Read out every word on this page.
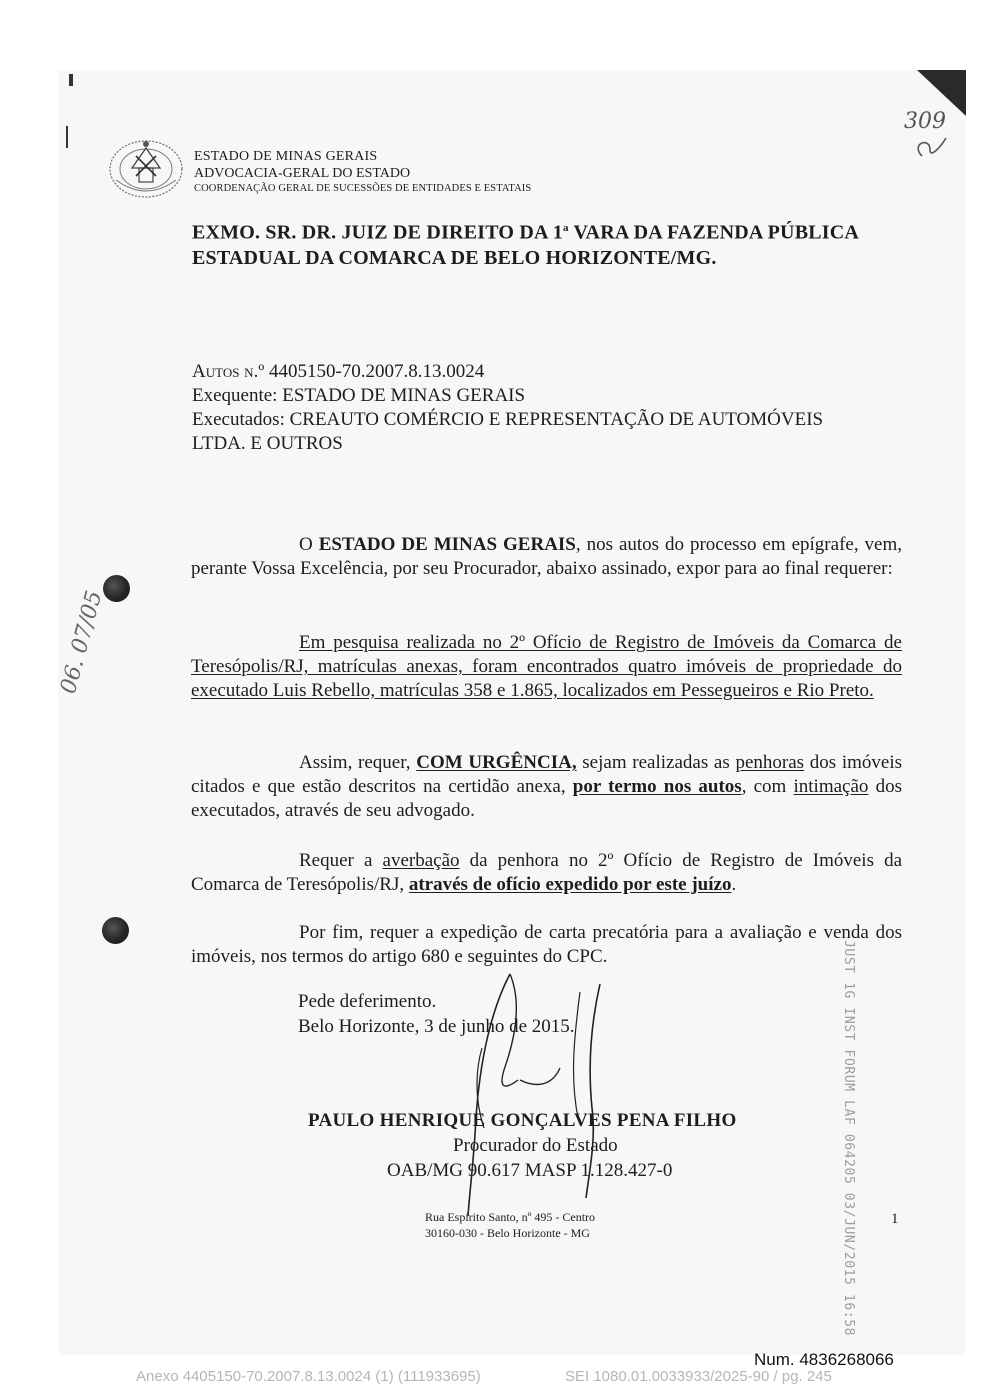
ESTADO DE MINAS GERAIS
ADVOCACIA-GERAL DO ESTADO
COORDENAÇÃO GERAL DE SUCESSÕES DE ENTIDADES E ESTATAIS
309
EXMO. SR. DR. JUIZ DE DIREITO DA 1$^a$ VARA DA FAZENDA PÚBLICA
ESTADUAL DA COMARCA DE BELO HORIZONTE/MG.
Autos n.º 4405150-70.2007.8.13.0024
Exequente: ESTADO DE MINAS GERAIS
Executados: CREAUTO COMÉRCIO E REPRESENTAÇÃO DE AUTOMÓVEIS
LTDA. E OUTROS
O ESTADO DE MINAS GERAIS, nos autos do processo em epígrafe, vem, perante Vossa Excelência, por seu Procurador, abaixo assinado, expor para ao final requerer:
Em pesquisa realizada no 2º Ofício de Registro de Imóveis da Comarca de Teresópolis/RJ, matrículas anexas, foram encontrados quatro imóveis de propriedade do executado Luis Rebello, matrículas 358 e 1.865, localizados em Pessegueiros e Rio Preto.
Assim, requer, COM URGÊNCIA, sejam realizadas as penhoras dos imóveis citados e que estão descritos na certidão anexa, por termo nos autos, com intimação dos executados, através de seu advogado.
Requer a averbação da penhora no 2º Ofício de Registro de Imóveis da Comarca de Teresópolis/RJ, através de ofício expedido por este juízo.
Por fim, requer a expedição de carta precatória para a avaliação e venda dos imóveis, nos termos do artigo 680 e seguintes do CPC.
Pede deferimento.
Belo Horizonte, 3 de junho de 2015.
PAULO HENRIQUE GONÇALVES PENA FILHO
Procurador do Estado
OAB/MG 90.617 MASP 1.128.427-0
Rua Espírito Santo, nº 495 - Centro
30160-030 - Belo Horizonte - MG
1
06. 07/05
JUST 1G INST FORUM LAF 064205 03/JUN/2015 16:58
Num. 4836268066
Anexo 4405150-70.2007.8.13.0024 (1) (111933695)	SEI 1080.01.0033933/2025-90 / pg. 245
